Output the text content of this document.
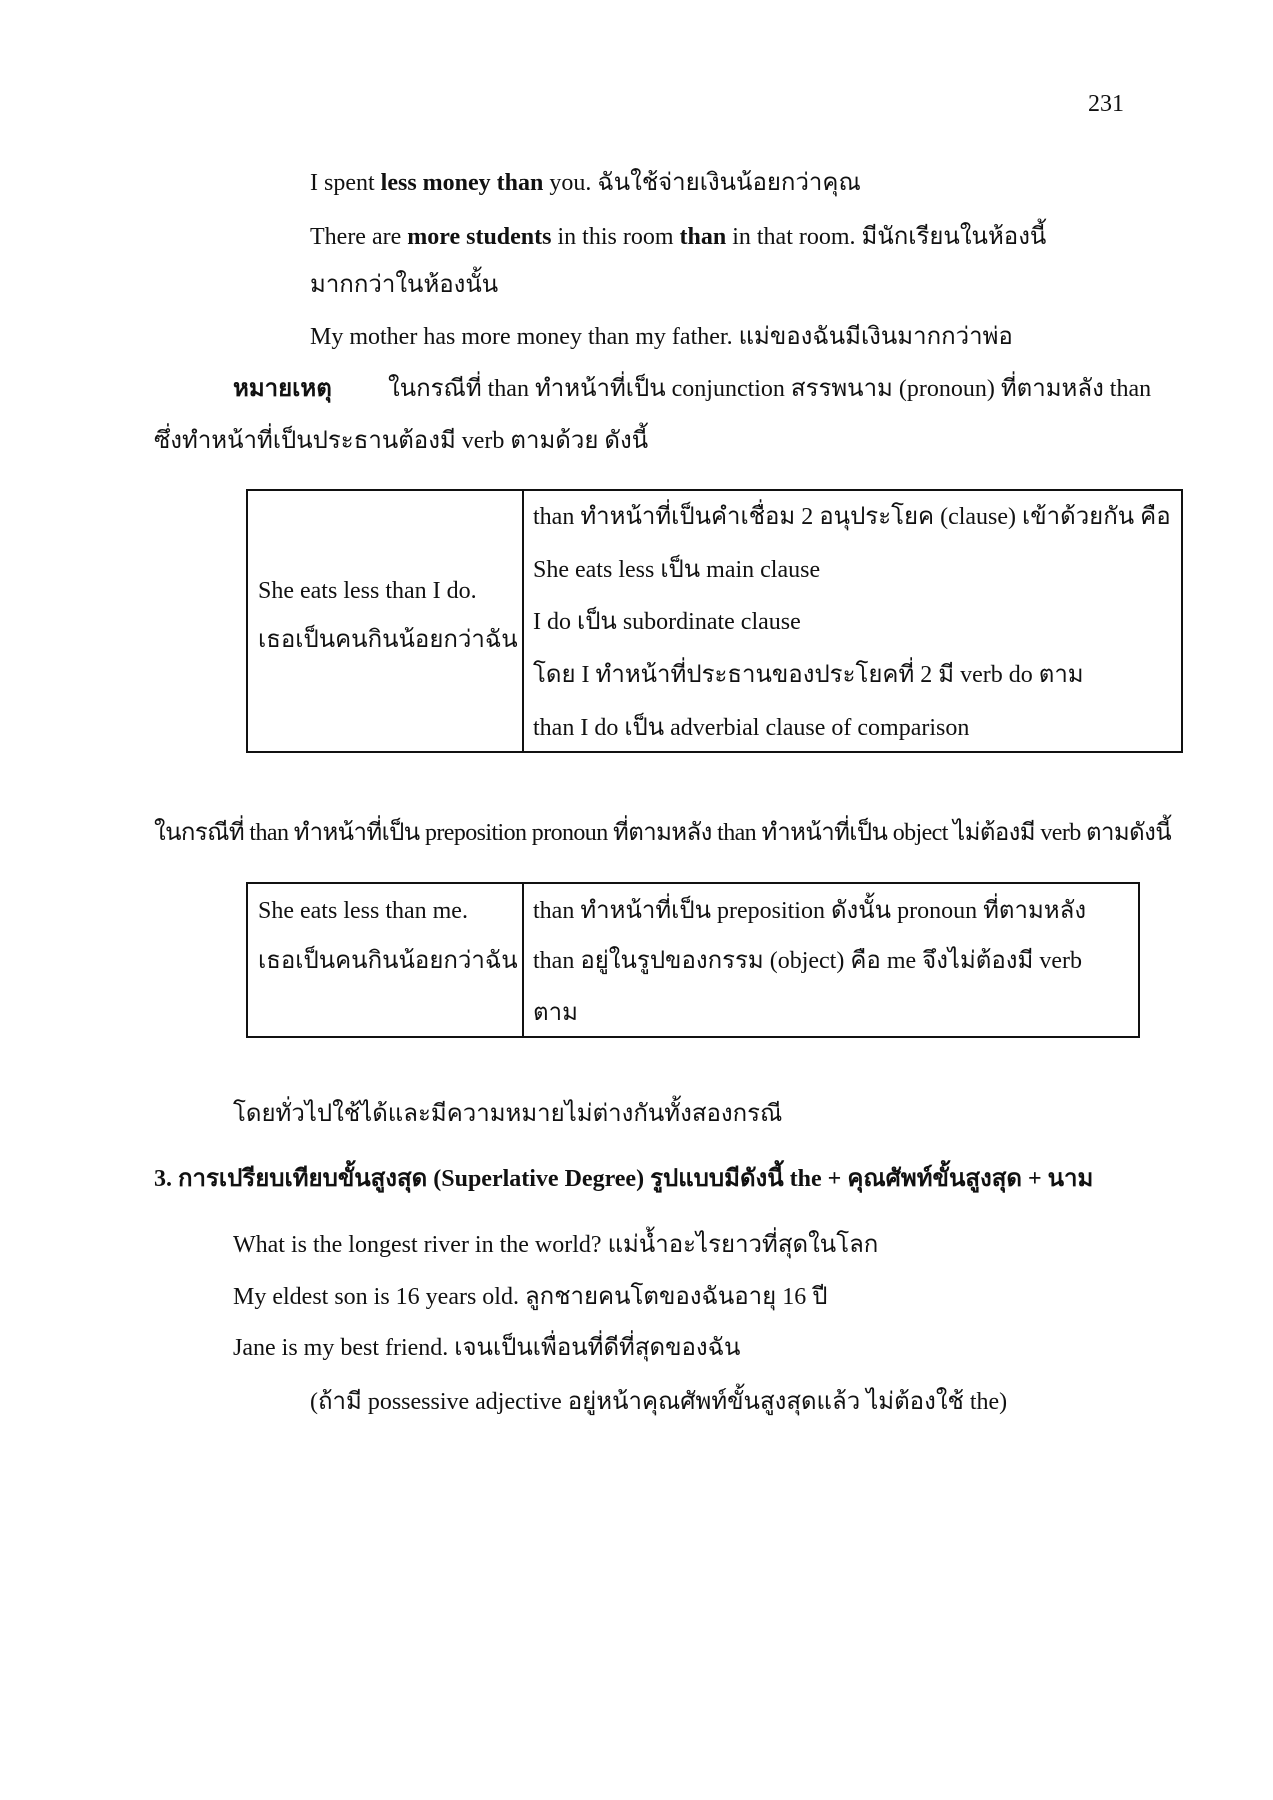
231
I spent less money than you. ฉันใช้จ่ายเงินน้อยกว่าคุณ
There are more students in this room than in that room. มีนักเรียนในห้องนี้
มากกว่าในห้องนั้น
My mother has more money than my father. แม่ของฉันมีเงินมากกว่าพ่อ
หมายเหตุ ในกรณีที่ than ทำหน้าที่เป็น conjunction สรรพนาม (pronoun) ที่ตามหลัง than
ซึ่งทำหน้าที่เป็นประธานต้องมี verb ตามด้วย ดังนี้
She eats less than I do.
เธอเป็นคนกินน้อยกว่าฉัน
than ทำหน้าที่เป็นคำเชื่อม 2 อนุประโยค (clause) เข้าด้วยกัน คือ
She eats less เป็น main clause
I do เป็น subordinate clause
โดย I ทำหน้าที่ประธานของประโยคที่ 2 มี verb do ตาม
than I do เป็น adverbial clause of comparison
ในกรณีที่ than ทำหน้าที่เป็น preposition pronoun ที่ตามหลัง than ทำหน้าที่เป็น object ไม่ต้องมี verb ตามดังนี้
She eats less than me.
เธอเป็นคนกินน้อยกว่าฉัน
than ทำหน้าที่เป็น preposition ดังนั้น pronoun ที่ตามหลัง
than อยู่ในรูปของกรรม (object) คือ me จึงไม่ต้องมี verb
ตาม
โดยทั่วไปใช้ได้และมีความหมายไม่ต่างกันทั้งสองกรณี
3. การเปรียบเทียบขั้นสูงสุด (Superlative Degree) รูปแบบมีดังนี้ the + คุณศัพท์ขั้นสูงสุด + นาม
What is the longest river in the world? แม่น้ำอะไรยาวที่สุดในโลก
My eldest son is 16 years old. ลูกชายคนโตของฉันอายุ 16 ปี
Jane is my best friend. เจนเป็นเพื่อนที่ดีที่สุดของฉัน
(ถ้ามี possessive adjective อยู่หน้าคุณศัพท์ขั้นสูงสุดแล้ว ไม่ต้องใช้ the)
